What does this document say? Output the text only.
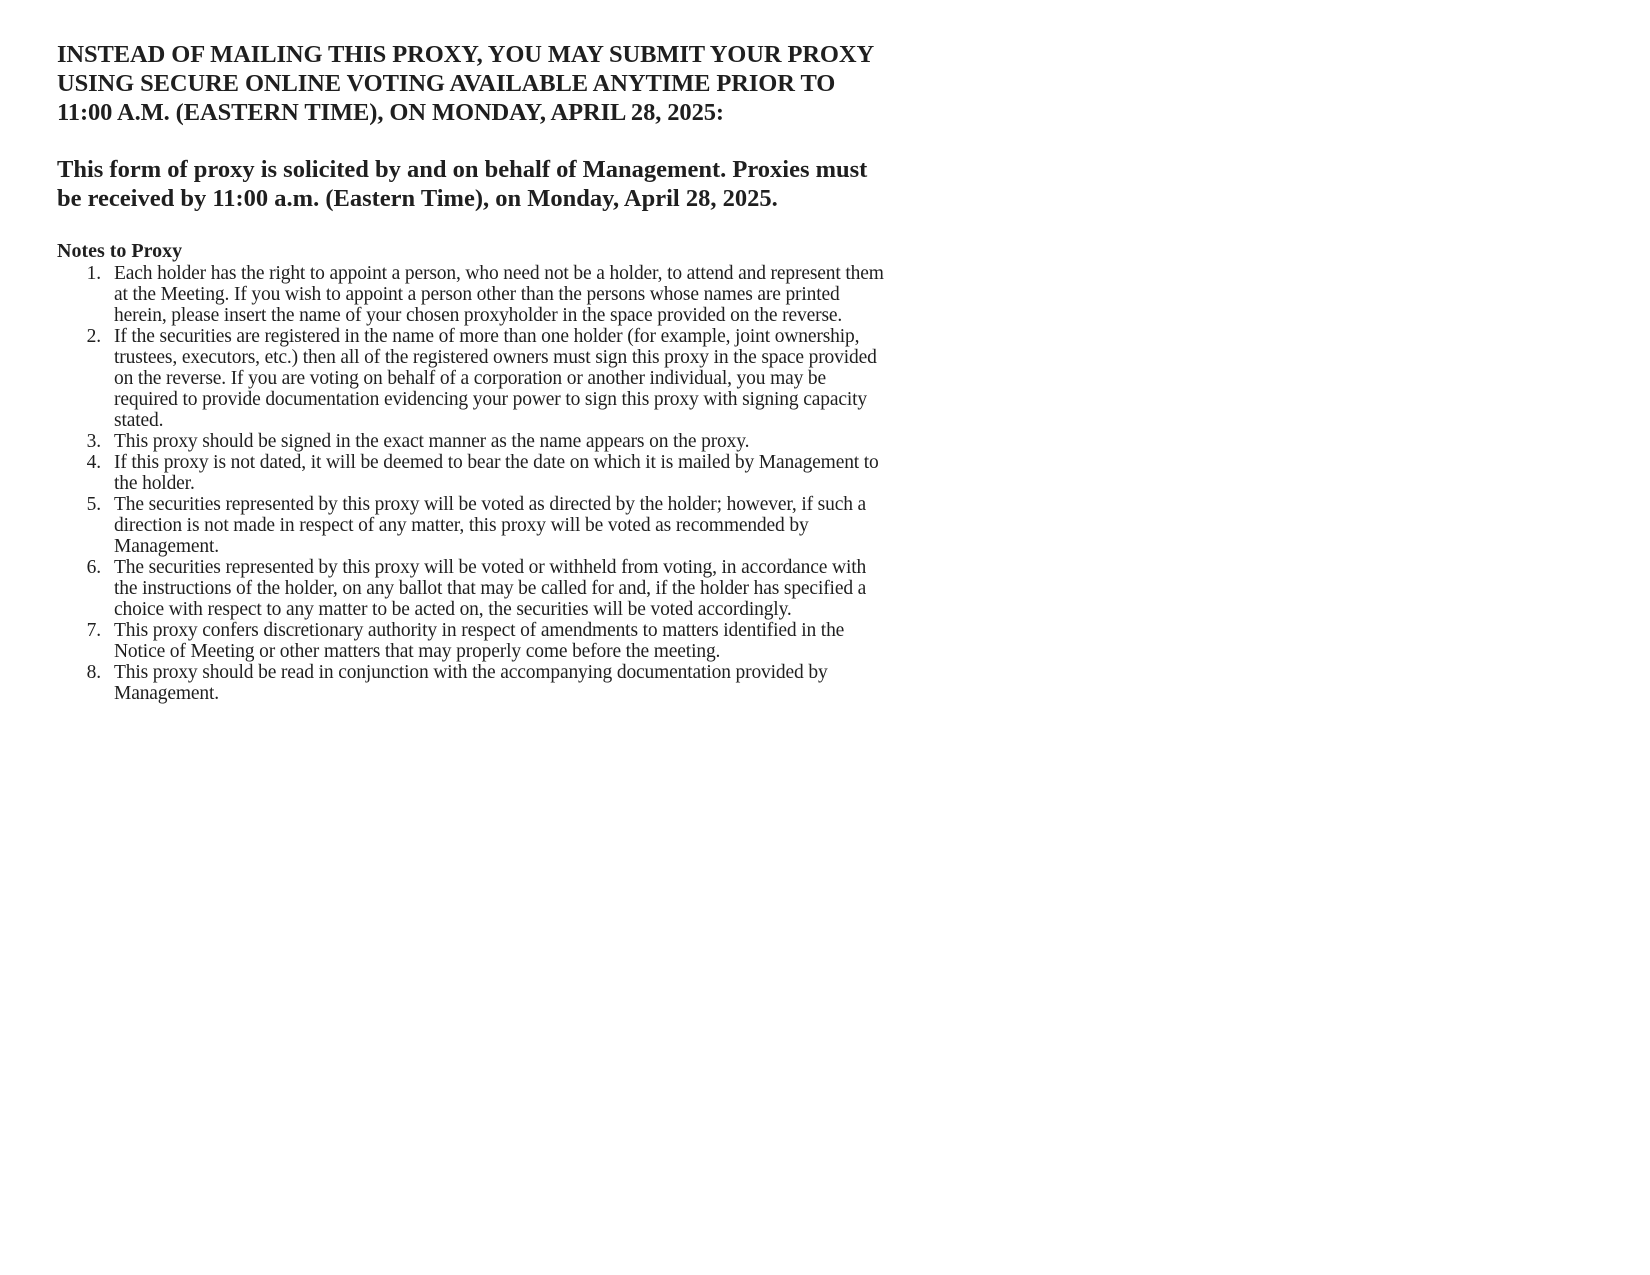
INSTEAD OF MAILING THIS PROXY, YOU MAY SUBMIT YOUR PROXY USING SECURE ONLINE VOTING AVAILABLE ANYTIME PRIOR TO 11:00 A.M. (EASTERN TIME), ON MONDAY, APRIL 28, 2025:
This form of proxy is solicited by and on behalf of Management. Proxies must be received by 11:00 a.m. (Eastern Time), on Monday, April 28, 2025.
Notes to Proxy
1. Each holder has the right to appoint a person, who need not be a holder, to attend and represent them at the Meeting. If you wish to appoint a person other than the persons whose names are printed herein, please insert the name of your chosen proxyholder in the space provided on the reverse.
2. If the securities are registered in the name of more than one holder (for example, joint ownership, trustees, executors, etc.) then all of the registered owners must sign this proxy in the space provided on the reverse. If you are voting on behalf of a corporation or another individual, you may be required to provide documentation evidencing your power to sign this proxy with signing capacity stated.
3. This proxy should be signed in the exact manner as the name appears on the proxy.
4. If this proxy is not dated, it will be deemed to bear the date on which it is mailed by Management to the holder.
5. The securities represented by this proxy will be voted as directed by the holder; however, if such a direction is not made in respect of any matter, this proxy will be voted as recommended by Management.
6. The securities represented by this proxy will be voted or withheld from voting, in accordance with the instructions of the holder, on any ballot that may be called for and, if the holder has specified a choice with respect to any matter to be acted on, the securities will be voted accordingly.
7. This proxy confers discretionary authority in respect of amendments to matters identified in the Notice of Meeting or other matters that may properly come before the meeting.
8. This proxy should be read in conjunction with the accompanying documentation provided by Management.
